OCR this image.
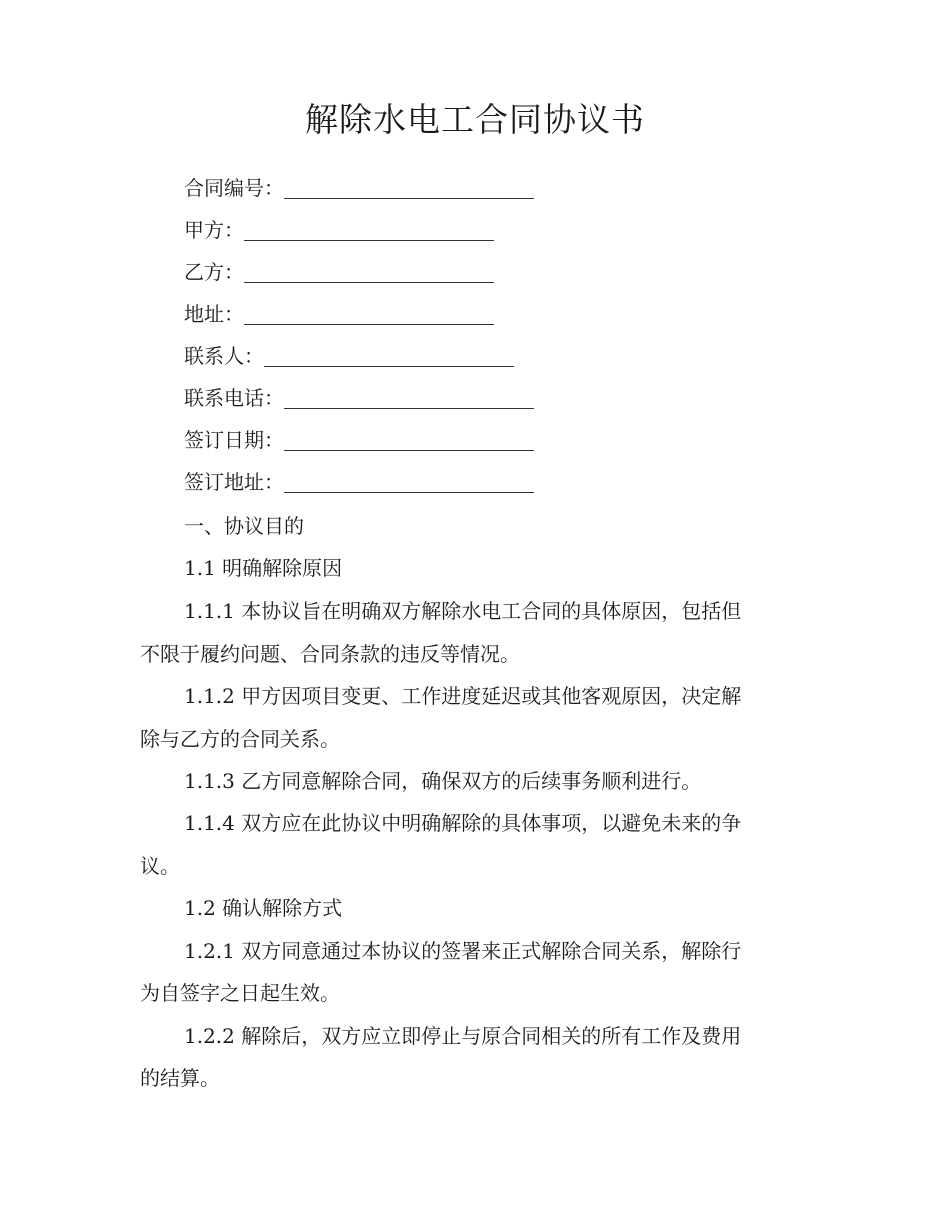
解除水电工合同协议书
合同编号：
甲方：
乙方：
地址：
联系人：
联系电话：
签订日期：
签订地址：
一、协议目的
1.1 明确解除原因
1.1.1 本协议旨在明确双方解除水电工合同的具体原因，包括但
不限于履约问题、合同条款的违反等情况。
1.1.2 甲方因项目变更、工作进度延迟或其他客观原因，决定解
除与乙方的合同关系。
1.1.3 乙方同意解除合同，确保双方的后续事务顺利进行。
1.1.4 双方应在此协议中明确解除的具体事项，以避免未来的争
议。
1.2 确认解除方式
1.2.1 双方同意通过本协议的签署来正式解除合同关系，解除行
为自签字之日起生效。
1.2.2 解除后，双方应立即停止与原合同相关的所有工作及费用
的结算。
